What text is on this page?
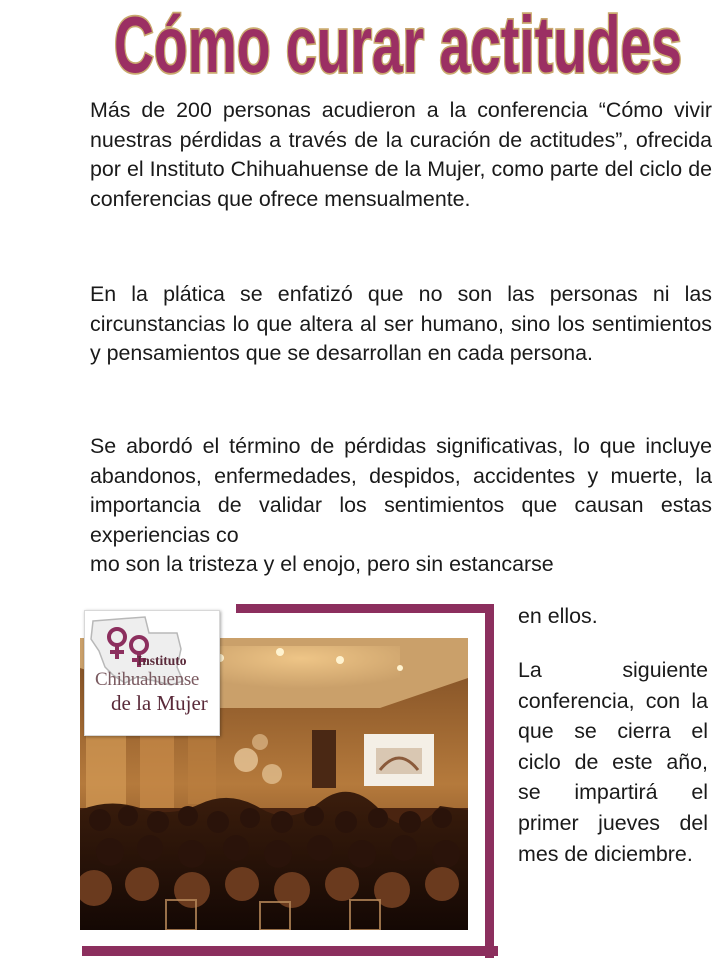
Cómo curar actitudes

Más de 200 personas acudieron a la conferencia “Cómo vivir nuestras pérdidas a través de la curación de actitudes”, ofrecida por el Instituto Chihuahuense de la Mujer, como parte del ciclo de conferencias que ofrece mensualmente.

En la plática se enfatizó que no son las personas ni las circunstancias lo que altera al ser humano, sino los sentimientos y pensamientos que se desarrollan en cada persona.

Se abordó el término de pérdidas significativas, lo que incluye abandonos, enfermedades, despidos, accidentes y muerte, la importancia de validar los sentimientos que causan estas experiencias co
mo son la tristeza y el enojo, pero sin estancarse

en ellos.

La	siguiente
conferencia, con la que se cierra el ciclo de este año, se impartirá el primer jueves del mes de diciembre.
Instituto
Chihuahuense
de la Mujer
